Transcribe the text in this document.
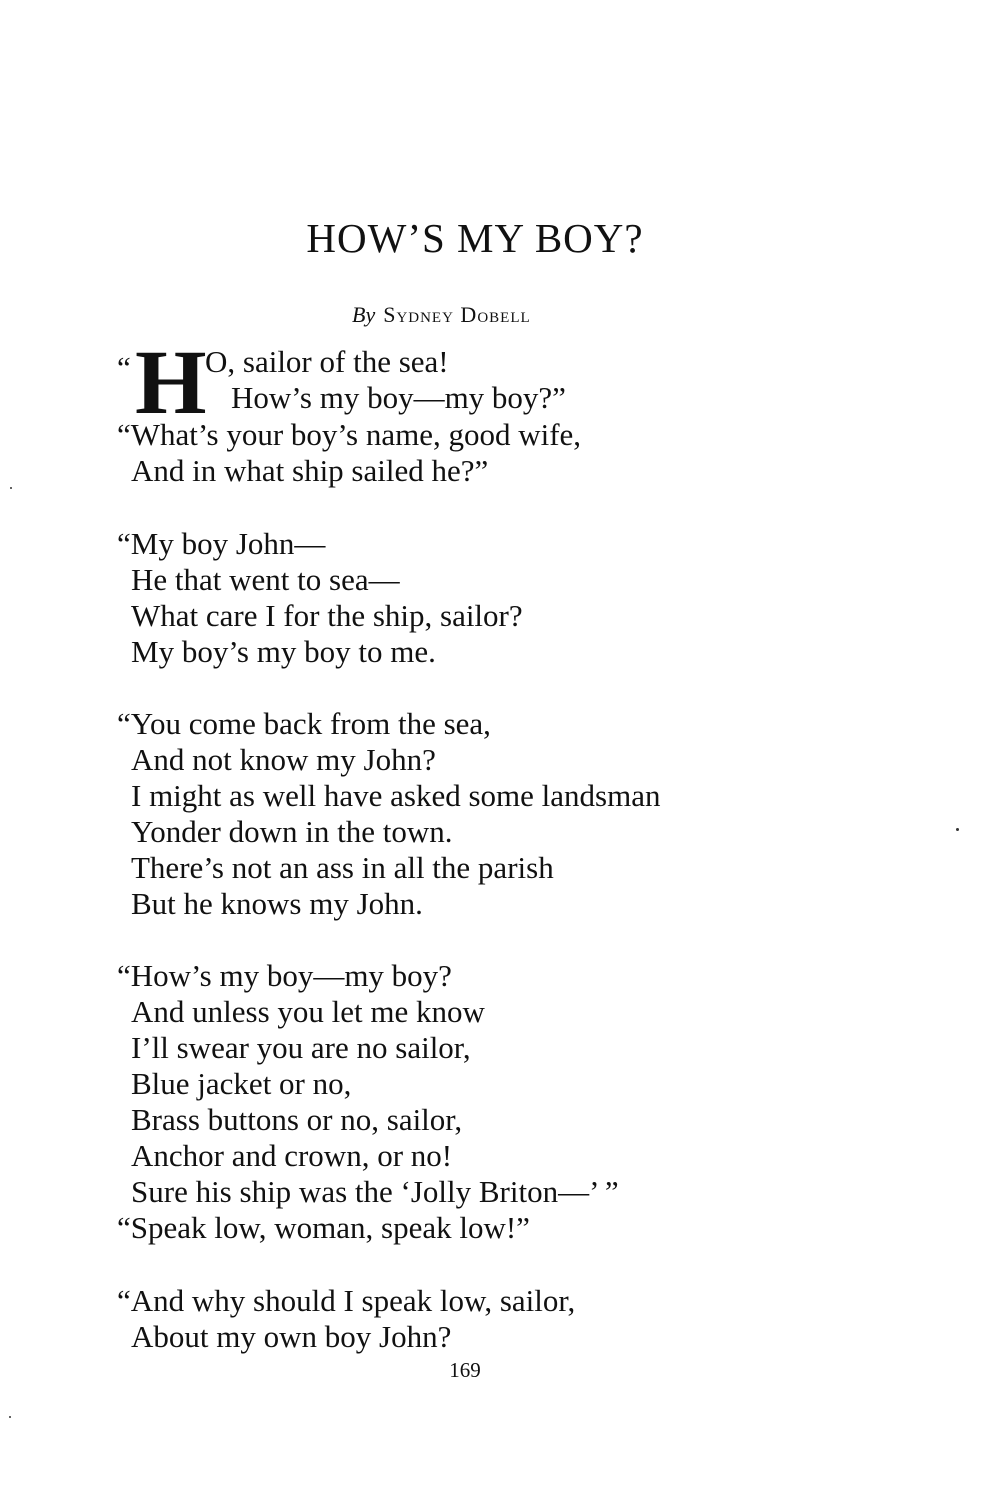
HOW’S MY BOY?
By Sydney Dobell
“ H
O, sailor of the sea!
How’s my boy—my boy?”
“What’s your boy’s name, good wife,
And in what ship sailed he?”
“My boy John—
He that went to sea—
What care I for the ship, sailor?
My boy’s my boy to me.
“You come back from the sea,
And not know my John?
I might as well have asked some landsman
Yonder down in the town.
There’s not an ass in all the parish
But he knows my John.
“How’s my boy—my boy?
And unless you let me know
I’ll swear you are no sailor,
Blue jacket or no,
Brass buttons or no, sailor,
Anchor and crown, or no!
Sure his ship was the ‘Jolly Briton—’ ”
“Speak low, woman, speak low!”
“And why should I speak low, sailor,
About my own boy John?
169
